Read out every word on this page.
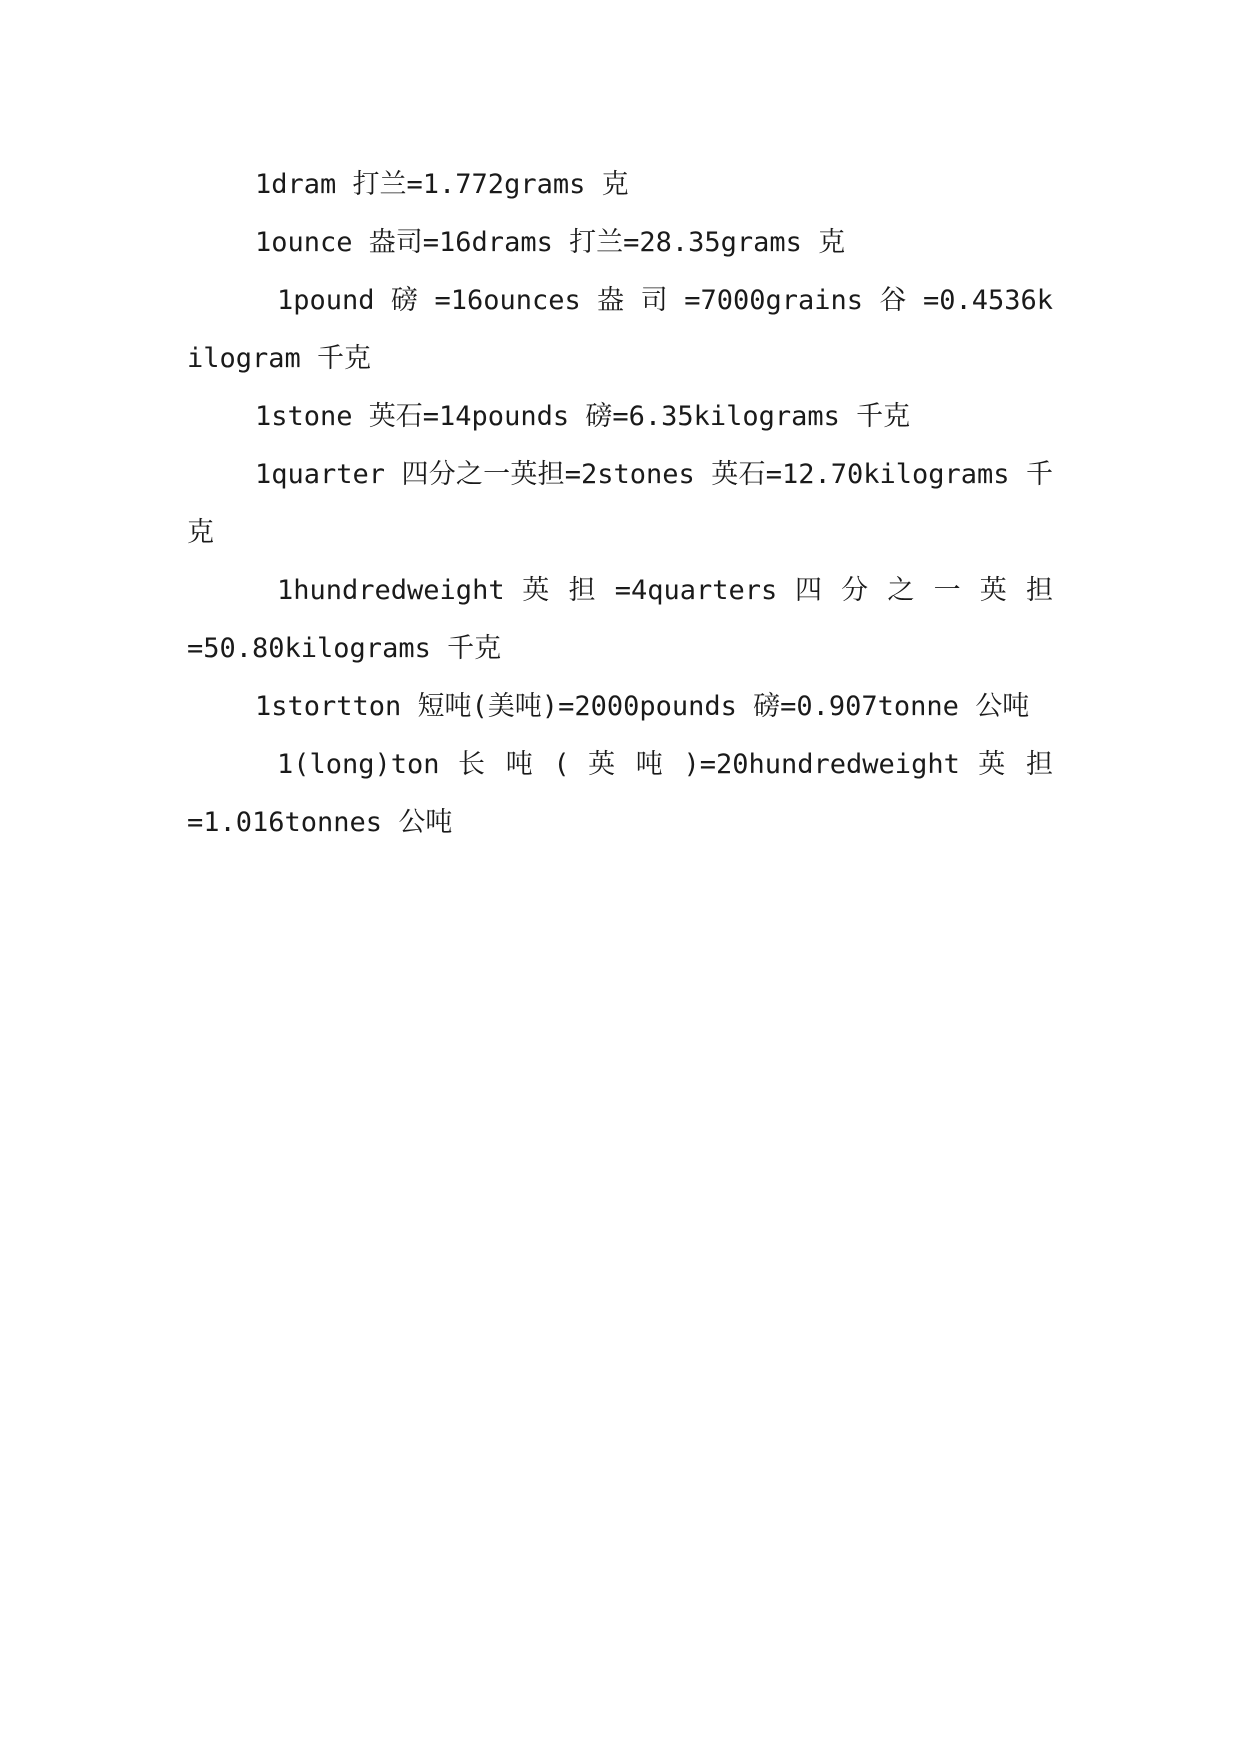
1dram 打兰=1.772grams 克

1ounce 盎司=16drams 打兰=28.35grams 克

1pound 磅 =16ounces 盎 司 =7000grains 谷 =0.4536kilogram 千克

1stone 英石=14pounds 磅=6.35kilograms 千克

1quarter 四分之一英担=2stones 英石=12.70kilograms 千克

1hundredweight 英 担 =4quarters 四 分 之 一 英 担 =50.80kilograms 千克

1stortton 短吨(美吨)=2000pounds 磅=0.907tonne 公吨

1(long)ton 长 吨 ( 英 吨 )=20hundredweight 英 担 =1.016tonnes 公吨
